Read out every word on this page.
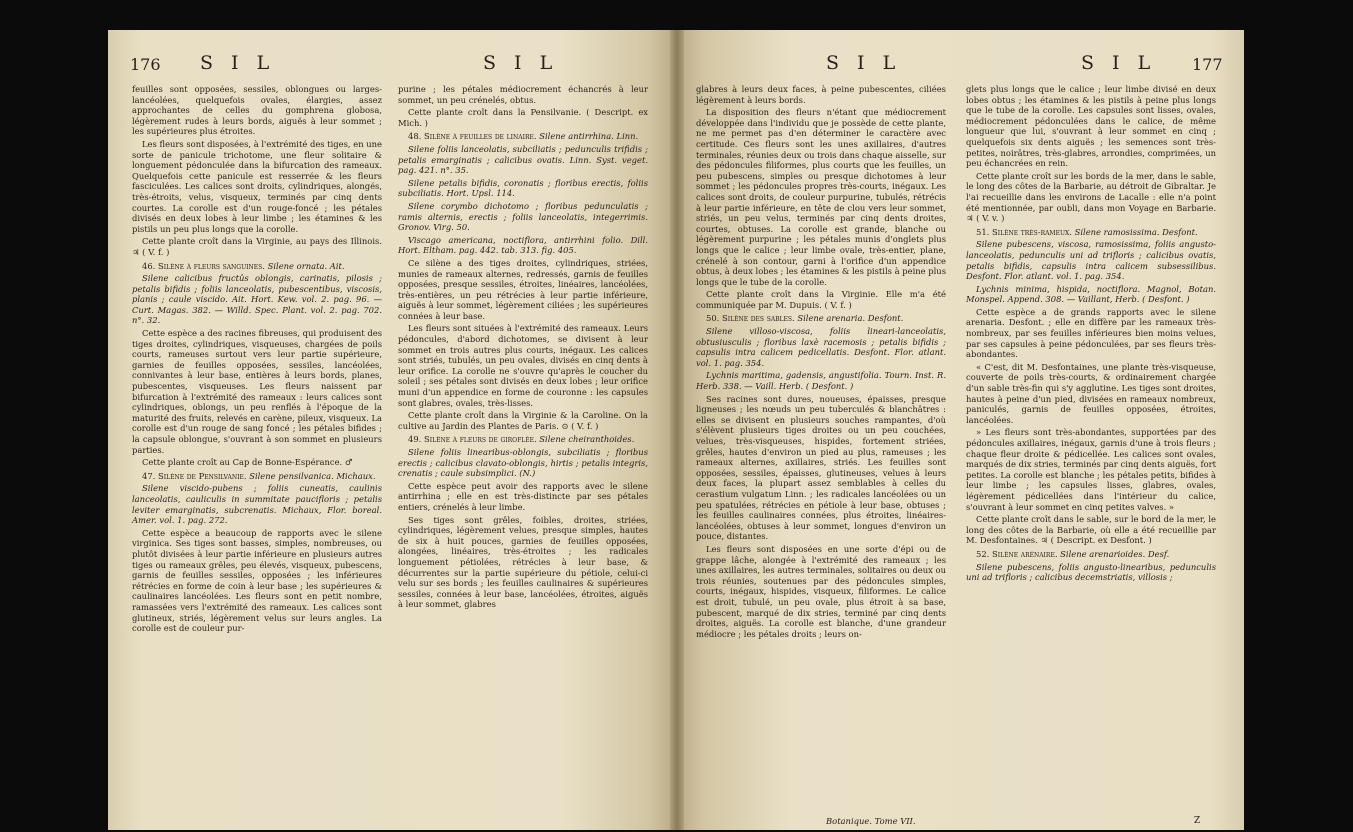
176 S I L	S I L

feuilles sont opposées, sessiles, oblongues ou larges-lancéolées, quelquefois ovales, élargies, assez approchantes de celles du gomphrena globosa, légèrement rudes à leurs bords, aiguës à leur sommet ; les supérieures plus étroites.

Les fleurs sont disposées, à l'extrémité des tiges, en une sorte de panicule trichotome, une fleur solitaire & longuement pédonculée dans la bifurcation des rameaux. Quelquefois cette panicule est resserrée & les fleurs fasciculées. Les calices sont droits, cylindriques, alongés, très-étroits, velus, visqueux, terminés par cinq dents courtes. La corolle est d'un rouge-foncé ; les pétales divisés en deux lobes à leur limbe ; les étamines & les pistils un peu plus longs que la corolle.

Cette plante croît dans la Virginie, au pays des Illinois. ♃ ( V. f. )

46. Silène à fleurs sanguines. Silene ornata. Ait.

Silene calicibus fructûs oblongis, carinatis, pilosis ; petalis bifidis ; foliis lanceolatis, pubescentibus, viscosis, planis ; caule viscido. Ait. Hort. Kew. vol. 2. pag. 96. — Curt. Magas. 382. — Willd. Spec. Plant. vol. 2. pag. 702. n°. 32.

Cette espèce a des racines fibreuses, qui produisent des tiges droites, cylindriques, visqueuses, chargées de poils courts, rameuses surtout vers leur partie supérieure, garnies de feuilles opposées, sessiles, lancéolées, connivantes à leur base, entières à leurs bords, planes, pubescentes, visqueuses. Les fleurs naissent par bifurcation à l'extrémité des rameaux : leurs calices sont cylindriques, oblongs, un peu renflés à l'époque de la maturité des fruits, relevés en carène, pileux, visqueux. La corolle est d'un rouge de sang foncé ; les pétales bifides ; la capsule oblongue, s'ouvrant à son sommet en plusieurs parties.

Cette plante croît au Cap de Bonne-Espérance. ♂

47. Silène de Pensilvanie. Silene pensilvanica. Michaux.

Silene viscido-pubens ; foliis cuneatis, caulinis lanceolatis, cauliculis in summitate paucifloris ; petalis leviter emarginatis, subcrenatis. Michaux, Flor. boreal. Amer. vol. 1. pag. 272.

Cette espèce a beaucoup de rapports avec le silene virginica. Ses tiges sont basses, simples, nombreuses, ou plutôt divisées à leur partie inférieure en plusieurs autres tiges ou rameaux grêles, peu élevés, visqueux, pubescens, garnis de feuilles sessiles, opposées ; les inférieures rétrécies en forme de coin à leur base ; les supérieures & caulinaires lancéolées. Les fleurs sont en petit nombre, ramassées vers l'extrémité des rameaux. Les calices sont glutineux, striés, légèrement velus sur leurs angles. La corolle est de couleur pur-

purine ; les pétales médiocrement échancrés à leur sommet, un peu crénelés, obtus.

Cette plante croît dans la Pensilvanie. ( Descript. ex Mich. )

48. Silène à feuilles de linaire. Silene antirrhina. Linn.

Silene foliis lanceolatis, subciliatis ; pedunculis trifidis ; petalis emarginatis ; calicibus ovatis. Linn. Syst. veget. pag. 421. n°. 35.

Silene petalis bifidis, coronatis ; floribus erectis, foliis subciliatis. Hort. Upsl. 114.

Silene corymbo dichotomo ; floribus pedunculatis ; ramis alternis, erectis ; foliis lanceolatis, integerrimis. Gronov. Virg. 50.

Viscago americana, noctiflora, antirrhini folio. Dill. Hort. Eltham. pag. 442. tab. 313. fig. 405.

Ce silène a des tiges droites, cylindriques, striées, munies de rameaux alternes, redressés, garnis de feuilles opposées, presque sessiles, étroites, linéaires, lancéolées, très-entières, un peu rétrécies à leur partie inférieure, aiguës à leur sommet, légèrement ciliées ; les supérieures connées à leur base.

Les fleurs sont situées à l'extrémité des rameaux. Leurs pédoncules, d'abord dichotomes, se divisent à leur sommet en trois autres plus courts, inégaux. Les calices sont striés, tubulés, un peu ovales, divisés en cinq dents à leur orifice. La corolle ne s'ouvre qu'après le coucher du soleil ; ses pétales sont divisés en deux lobes ; leur orifice muni d'un appendice en forme de couronne : les capsules sont glabres, ovales, très-lisses.

Cette plante croît dans la Virginie & la Caroline. On la cultive au Jardin des Plantes de Paris. ⊙ ( V. f. )

49. Silène à fleurs de giroflée. Silene cheiranthoides.

Silene foliis linearibus-oblongis, subciliatis ; floribus erectis ; calicibus clavato-oblongis, hirtis ; petalis integris, crenatis ; caule subsimplici. (N.)

Cette espèce peut avoir des rapports avec le silene antirrhina ; elle en est très-distincte par ses pétales entiers, crénelés à leur limbe.

Ses tiges sont grêles, foibles, droites, striées, cylindriques, légèrement velues, presque simples, hautes de six à huit pouces, garnies de feuilles opposées, alongées, linéaires, très-étroites ; les radicales longuement pétiolées, rétrécies à leur base, & décurrentes sur la partie supérieure du pétiole, celui-ci velu sur ses bords ; les feuilles caulinaires & supérieures sessiles, connées à leur base, lancéolées, étroites, aiguës à leur sommet, glabres

S I L	S I L 177

glabres à leurs deux faces, à peine pubescentes, ciliées légèrement à leurs bords.

La disposition des fleurs n'étant que médiocrement développée dans l'individu que je possède de cette plante, ne me permet pas d'en déterminer le caractère avec certitude. Ces fleurs sont les unes axillaires, d'autres terminales, réunies deux ou trois dans chaque aisselle, sur des pédoncules filiformes, plus courts que les feuilles, un peu pubescens, simples ou presque dichotomes à leur sommet ; les pédoncules propres très-courts, inégaux. Les calices sont droits, de couleur purpurine, tubulés, rétrécis à leur partie inférieure, en tête de clou vers leur sommet, striés, un peu velus, terminés par cinq dents droites, courtes, obtuses. La corolle est grande, blanche ou légèrement purpurine ; les pétales munis d'onglets plus longs que le calice ; leur limbe ovale, très-entier, plane, crénelé à son contour, garni à l'orifice d'un appendice obtus, à deux lobes ; les étamines & les pistils à peine plus longs que le tube de la corolle.

Cette plante croît dans la Virginie. Elle m'a été communiquée par M. Dupuis. ( V. f. )

50. Silène des sables. Silene arenaria. Desfont.

Silene villoso-viscosa, foliis lineari-lanceolatis, obtusiusculis ; floribus laxè racemosis ; petalis bifidis ; capsulis intra calicem pedicellatis. Desfont. Flor. atlant. vol. 1. pag. 354.

Lychnis maritima, gadensis, angustifolia. Tourn. Inst. R. Herb. 338. — Vaill. Herb. ( Desfont. )

Ses racines sont dures, noueuses, épaisses, presque ligneuses ; les nœuds un peu tuberculés & blanchâtres : elles se divisent en plusieurs souches rampantes, d'où s'élèvent plusieurs tiges droites ou un peu couchées, velues, très-visqueuses, hispides, fortement striées, grêles, hautes d'environ un pied au plus, rameuses ; les rameaux alternes, axillaires, striés. Les feuilles sont opposées, sessiles, épaisses, glutineuses, velues à leurs deux faces, la plupart assez semblables à celles du cerastium vulgatum Linn. ; les radicales lancéolées ou un peu spatulées, rétrécies en pétiole à leur base, obtuses ; les feuilles caulinaires connées, plus étroites, linéaires-lancéolées, obtuses à leur sommet, longues d'environ un pouce, distantes.

Les fleurs sont disposées en une sorte d'épi ou de grappe lâche, alongée à l'extrémité des rameaux ; les unes axillaires, les autres terminales, solitaires ou deux ou trois réunies, soutenues par des pédoncules simples, courts, inégaux, hispides, visqueux, filiformes. Le calice est droit, tubulé, un peu ovale, plus étroit à sa base, pubescent, marqué de dix stries, terminé par cinq dents droites, aiguës. La corolle est blanche, d'une grandeur médiocre ; les pétales droits ; leurs on-

glets plus longs que le calice ; leur limbe divisé en deux lobes obtus ; les étamines & les pistils à peine plus longs que le tube de la corolle. Les capsules sont lisses, ovales, médiocrement pédonculées dans le calice, de même longueur que lui, s'ouvrant à leur sommet en cinq ; quelquefois six dents aiguës ; les semences sont très-petites, noirâtres, très-glabres, arrondies, comprimées, un peu échancrées en rein.

Cette plante croît sur les bords de la mer, dans le sable, le long des côtes de la Barbarie, au détroit de Gibraltar. Je l'ai recueillie dans les environs de Lacalle : elle n'a point été mentionnée, par oubli, dans mon Voyage en Barbarie. ♃ ( V. v. )

51. Silène très-rameux. Silene ramosissima. Desfont.

Silene pubescens, viscosa, ramosissima, foliis angusto-lanceolatis, pedunculis uni ad trifloris ; calicibus ovatis, petalis bifidis, capsulis intra calicem subsessilibus. Desfont. Flor. atlant. vol. 1. pag. 354.

Lychnis minima, hispida, noctiflora. Magnol, Botan. Monspel. Append. 308. — Vaillant, Herb. ( Desfont. )

Cette espèce a de grands rapports avec le silene arenaria. Desfont. ; elle en diffère par les rameaux très-nombreux, par ses feuilles inférieures bien moins velues, par ses capsules à peine pédonculées, par ses fleurs très-abondantes.

« C'est, dit M. Desfontaines, une plante très-visqueuse, couverte de poils très-courts, & ordinairement chargée d'un sable très-fin qui s'y agglutine. Les tiges sont droites, hautes à peine d'un pied, divisées en rameaux nombreux, paniculés, garnis de feuilles opposées, étroites, lancéolées.

» Les fleurs sont très-abondantes, supportées par des pédoncules axillaires, inégaux, garnis d'une à trois fleurs ; chaque fleur droite & pédicellée. Les calices sont ovales, marqués de dix stries, terminés par cinq dents aiguës, fort petites. La corolle est blanche ; les pétales petits, bifides à leur limbe ; les capsules lisses, glabres, ovales, légèrement pédicellées dans l'intérieur du calice, s'ouvrant à leur sommet en cinq petites valves. »

Cette plante croît dans le sable, sur le bord de la mer, le long des côtes de la Barbarie, où elle a été recueillie par M. Desfontaines. ♃ ( Descript. ex Desfont. )

52. Silène arénaire. Silene arenarioides. Desf.

Silene pubescens, foliis angusto-linearibus, pedunculis uni ad trifloris ; calicibus decemstriatis, villosis ;

Botanique. Tome VII.	Z
